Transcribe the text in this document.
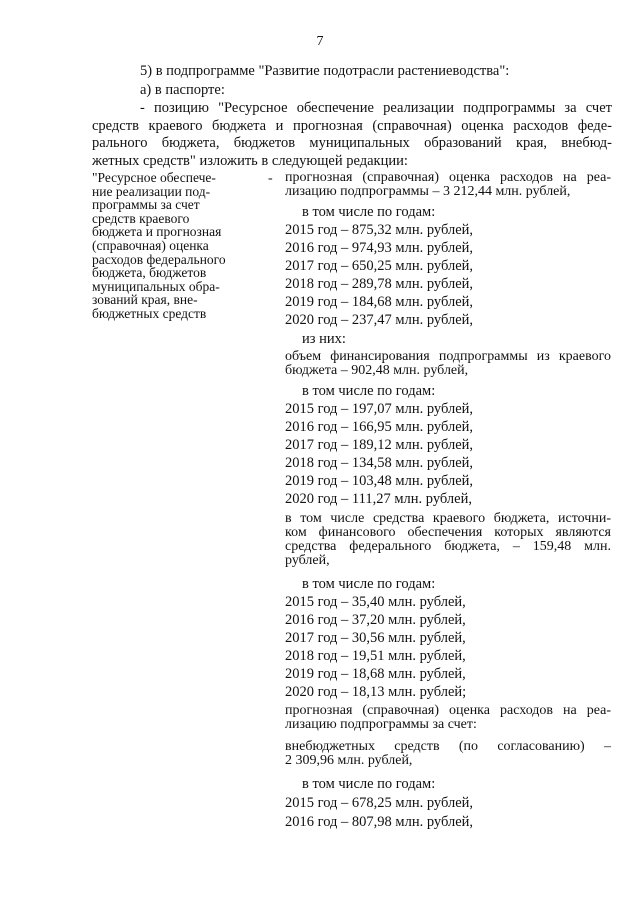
7
5) в подпрограмме "Развитие подотрасли растениеводства":
а) в паспорте:
- позицию "Ресурсное обеспечение реализации подпрограммы за счет
средств краевого бюджета и прогнозная (справочная) оценка расходов феде-
рального бюджета, бюджетов муниципальных образований края, внебюд-
жетных средств" изложить в следующей редакции:
"Ресурсное обеспече-
ние реализации под-
программы за счет
средств краевого
бюджета и прогнозная
(справочная) оценка
расходов федерального
бюджета, бюджетов
муниципальных обра-
зований края, вне-
бюджетных средств
- прогнозная (справочная) оценка расходов на реа-
лизацию подпрограммы – 3 212,44 млн. рублей,
в том числе по годам:
2015 год – 875,32 млн. рублей,
2016 год – 974,93 млн. рублей,
2017 год – 650,25 млн. рублей,
2018 год – 289,78 млн. рублей,
2019 год – 184,68 млн. рублей,
2020 год – 237,47 млн. рублей,
из них:
объем финансирования подпрограммы из краевого
бюджета – 902,48 млн. рублей,
в том числе по годам:
2015 год – 197,07 млн. рублей,
2016 год – 166,95 млн. рублей,
2017 год – 189,12 млн. рублей,
2018 год – 134,58 млн. рублей,
2019 год – 103,48 млн. рублей,
2020 год – 111,27 млн. рублей,
в том числе средства краевого бюджета, источни-
ком финансового обеспечения которых являются
средства федерального бюджета, – 159,48 млн.
рублей,
в том числе по годам:
2015 год – 35,40 млн. рублей,
2016 год – 37,20 млн. рублей,
2017 год – 30,56 млн. рублей,
2018 год – 19,51 млн. рублей,
2019 год – 18,68 млн. рублей,
2020 год – 18,13 млн. рублей;
прогнозная (справочная) оценка расходов на реа-
лизацию подпрограммы за счет:
внебюджетных средств (по согласованию) –
2 309,96 млн. рублей,
в том числе по годам:
2015 год – 678,25 млн. рублей,
2016 год – 807,98 млн. рублей,
